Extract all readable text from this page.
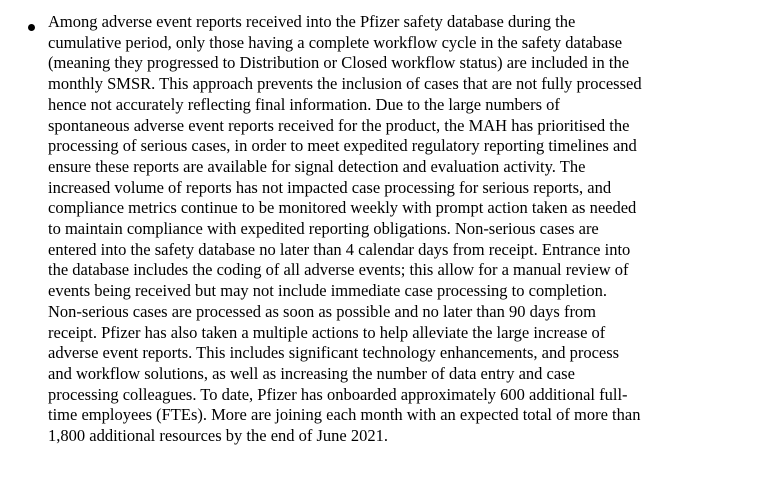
Among adverse event reports received into the Pfizer safety database during the
cumulative period, only those having a complete workflow cycle in the safety database
(meaning they progressed to Distribution or Closed workflow status) are included in the
monthly SMSR. This approach prevents the inclusion of cases that are not fully processed
hence not accurately reflecting final information. Due to the large numbers of
spontaneous adverse event reports received for the product, the MAH has prioritised the
processing of serious cases, in order to meet expedited regulatory reporting timelines and
ensure these reports are available for signal detection and evaluation activity. The
increased volume of reports has not impacted case processing for serious reports, and
compliance metrics continue to be monitored weekly with prompt action taken as needed
to maintain compliance with expedited reporting obligations. Non-serious cases are
entered into the safety database no later than 4 calendar days from receipt. Entrance into
the database includes the coding of all adverse events; this allow for a manual review of
events being received but may not include immediate case processing to completion.
Non-serious cases are processed as soon as possible and no later than 90 days from
receipt. Pfizer has also taken a multiple actions to help alleviate the large increase of
adverse event reports. This includes significant technology enhancements, and process
and workflow solutions, as well as increasing the number of data entry and case
processing colleagues. To date, Pfizer has onboarded approximately 600 additional full-
time employees (FTEs). More are joining each month with an expected total of more than
1,800 additional resources by the end of June 2021.
